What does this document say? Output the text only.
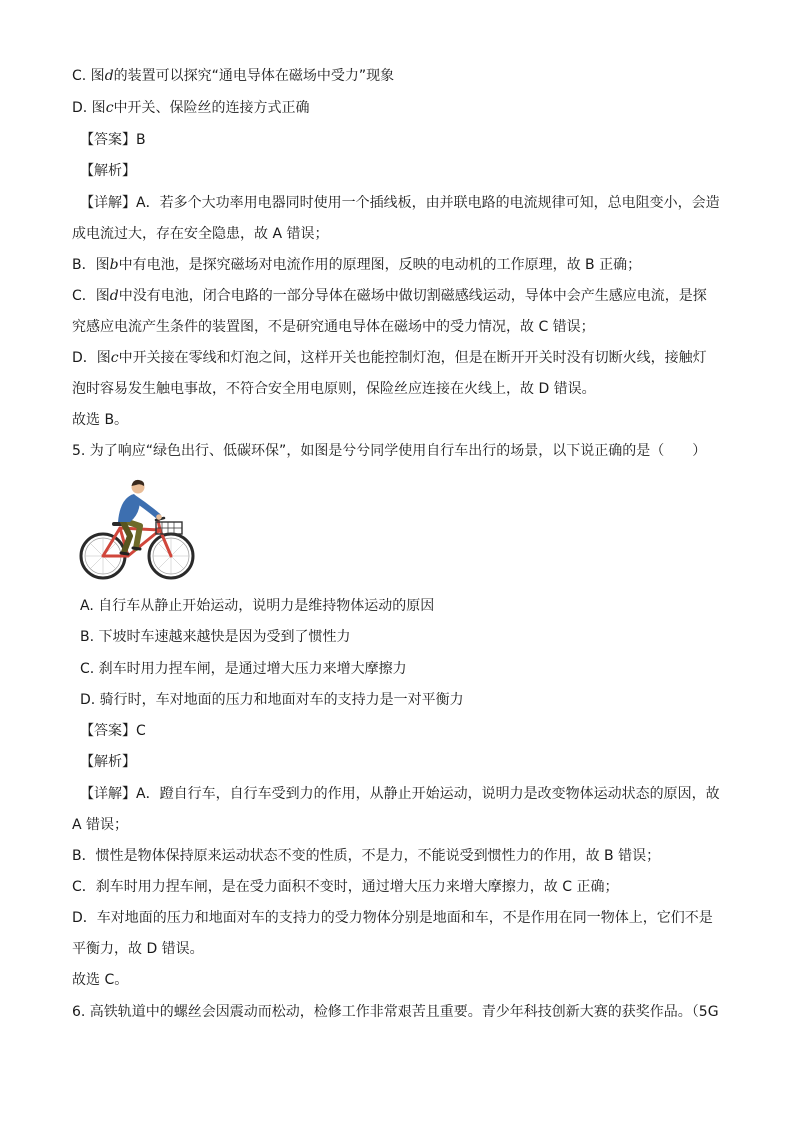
C. 图d的装置可以探究“通电导体在磁场中受力”现象
D. 图c中开关、保险丝的连接方式正确
【答案】B
【解析】
【详解】A．若多个大功率用电器同时使用一个插线板，由并联电路的电流规律可知，总电阻变小，会造
成电流过大，存在安全隐患，故 A 错误；
B．图b中有电池，是探究磁场对电流作用的原理图，反映的电动机的工作原理，故 B 正确；
C．图d中没有电池，闭合电路的一部分导体在磁场中做切割磁感线运动，导体中会产生感应电流，是探
究感应电流产生条件的装置图，不是研究通电导体在磁场中的受力情况，故 C 错误；
D．图c中开关接在零线和灯泡之间，这样开关也能控制灯泡，但是在断开开关时没有切断火线，接触灯
泡时容易发生触电事故，不符合安全用电原则，保险丝应连接在火线上，故 D 错误。
故选 B。
5. 为了响应“绿色出行、低碳环保”，如图是兮兮同学使用自行车出行的场景，以下说正确的是（　　）
A. 自行车从静止开始运动，说明力是维持物体运动的原因
B. 下坡时车速越来越快是因为受到了惯性力
C. 刹车时用力捏车闸，是通过增大压力来增大摩擦力
D. 骑行时，车对地面的压力和地面对车的支持力是一对平衡力
【答案】C
【解析】
【详解】A．蹬自行车，自行车受到力的作用，从静止开始运动，说明力是改变物体运动状态的原因，故
A 错误；
B．惯性是物体保持原来运动状态不变的性质，不是力，不能说受到惯性力的作用，故 B 错误；
C．刹车时用力捏车闸，是在受力面积不变时，通过增大压力来增大摩擦力，故 C 正确；
D．车对地面的压力和地面对车的支持力的受力物体分别是地面和车，不是作用在同一物体上，它们不是
平衡力，故 D 错误。
故选 C。
6. 高铁轨道中的螺丝会因震动而松动，检修工作非常艰苦且重要。青少年科技创新大赛的获奖作品。（5G
